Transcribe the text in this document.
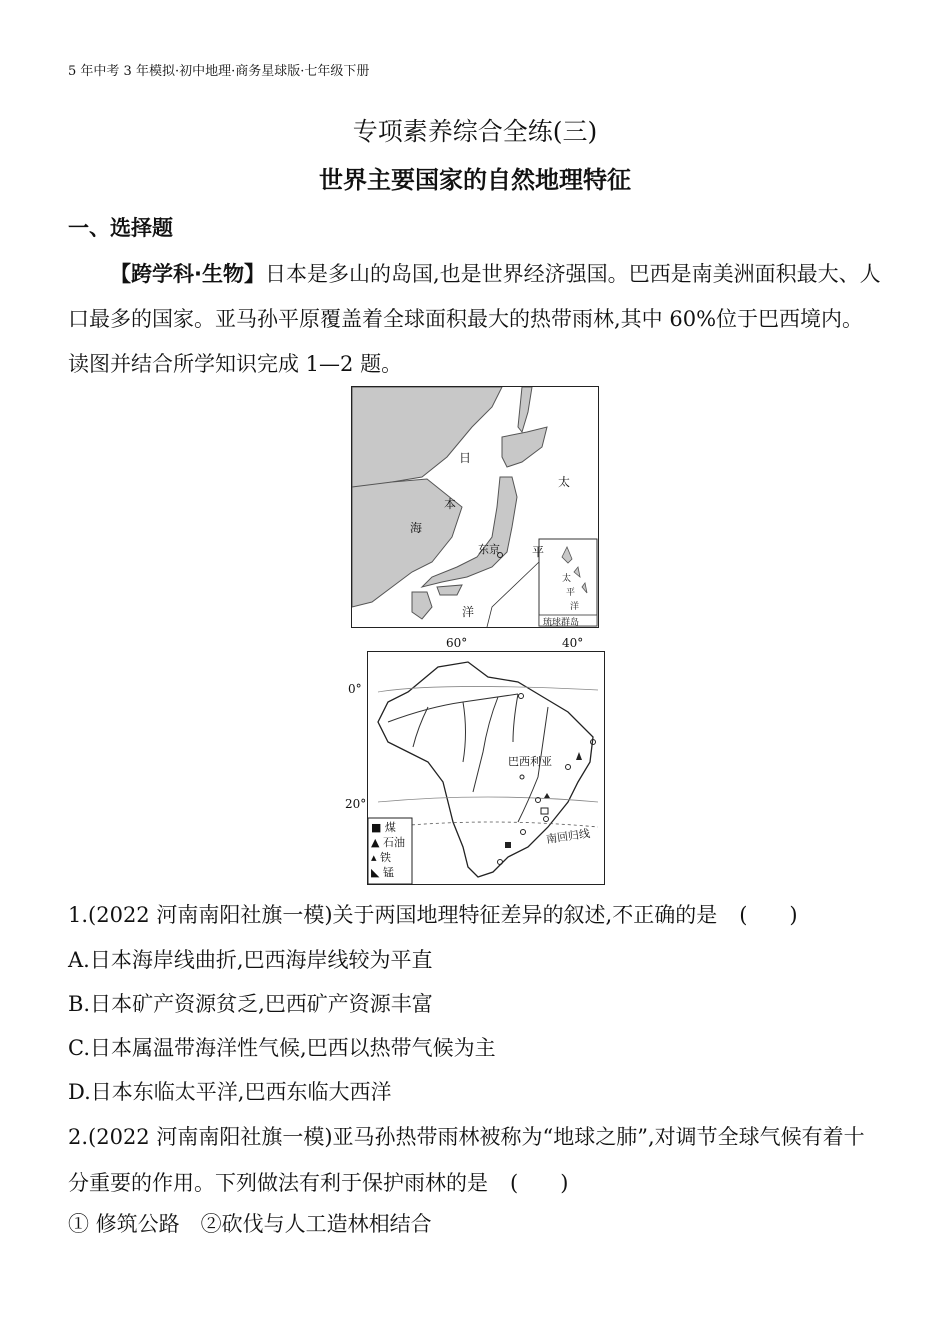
5 年中考 3 年模拟·初中地理·商务星球版·七年级下册
专项素养综合全练(三)
世界主要国家的自然地理特征
一、选择题
【跨学科·生物】日本是多山的岛国,也是世界经济强国。巴西是南美洲面积最大、人口最多的国家。亚马孙平原覆盖着全球面积最大的热带雨林,其中 60%位于巴西境内。读图并结合所学知识完成 1—2 题。
日
本
海
太
平
洋
东京
太
平
洋
琉球群岛
60°	40°
0°
20°
巴西利亚
南回归线
■ 煤
▲ 石油
▴ 铁
◣ 锰
1.(2022 河南南阳社旗一模)关于两国地理特征差异的叙述,不正确的是 (　　)
A.日本海岸线曲折,巴西海岸线较为平直
B.日本矿产资源贫乏,巴西矿产资源丰富
C.日本属温带海洋性气候,巴西以热带气候为主
D.日本东临太平洋,巴西东临大西洋
2.(2022 河南南阳社旗一模)亚马孙热带雨林被称为“地球之肺”,对调节全球气候有着十分重要的作用。下列做法有利于保护雨林的是 (　　)
① 修筑公路　②砍伐与人工造林相结合
